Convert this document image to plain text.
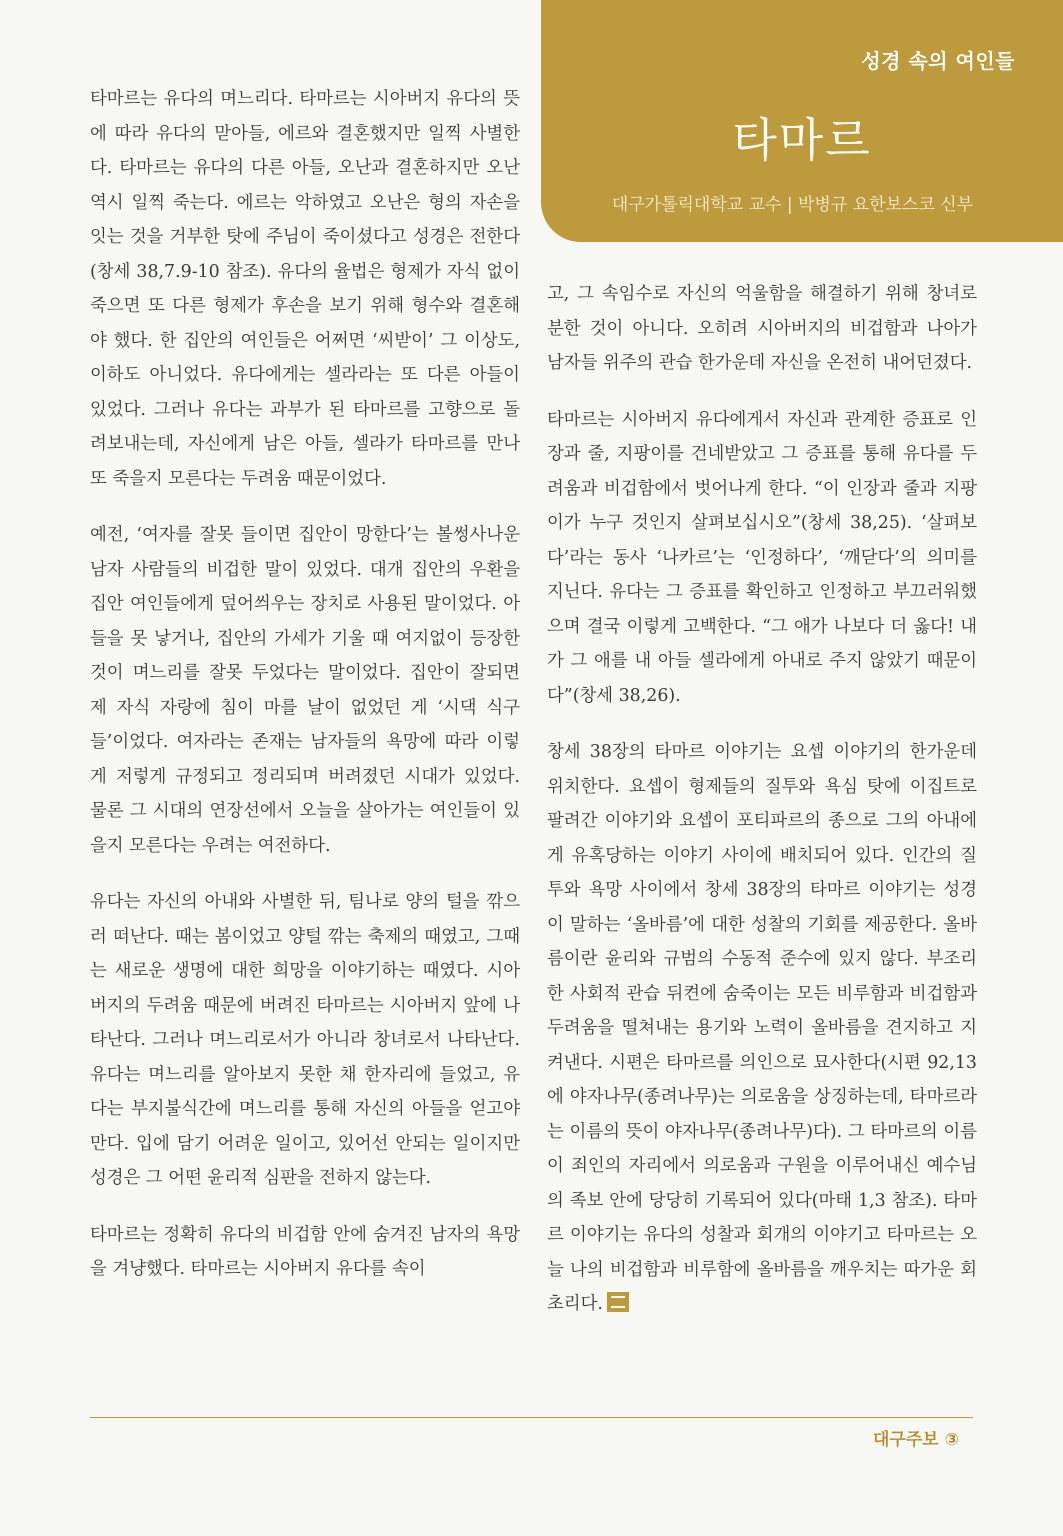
성경 속의 여인들

타마르

대구가톨릭대학교 교수 | 박병규 요한보스코 신부

타마르는 유다의 며느리다. 타마르는 시아버지 유다의 뜻에 따라 유다의 맏아들, 에르와 결혼했지만 일찍 사별한다. 타마르는 유다의 다른 아들, 오난과 결혼하지만 오난 역시 일찍 죽는다. 에르는 악하였고 오난은 형의 자손을 잇는 것을 거부한 탓에 주님이 죽이셨다고 성경은 전한다(창세 38,7.9-10 참조). 유다의 율법은 형제가 자식 없이 죽으면 또 다른 형제가 후손을 보기 위해 형수와 결혼해야 했다. 한 집안의 여인들은 어쩌면 ‘씨받이’ 그 이상도, 이하도 아니었다. 유다에게는 셀라라는 또 다른 아들이 있었다. 그러나 유다는 과부가 된 타마르를 고향으로 돌려보내는데, 자신에게 남은 아들, 셀라가 타마르를 만나 또 죽을지 모른다는 두려움 때문이었다.

예전, ‘여자를 잘못 들이면 집안이 망한다’는 볼썽사나운 남자 사람들의 비겁한 말이 있었다. 대개 집안의 우환을 집안 여인들에게 덮어씌우는 장치로 사용된 말이었다. 아들을 못 낳거나, 집안의 가세가 기울 때 여지없이 등장한 것이 며느리를 잘못 두었다는 말이었다. 집안이 잘되면 제 자식 자랑에 침이 마를 날이 없었던 게 ‘시댁 식구들’이었다. 여자라는 존재는 남자들의 욕망에 따라 이렇게 저렇게 규정되고 정리되며 버려졌던 시대가 있었다. 물론 그 시대의 연장선에서 오늘을 살아가는 여인들이 있을지 모른다는 우려는 여전하다.

유다는 자신의 아내와 사별한 뒤, 팀나로 양의 털을 깎으러 떠난다. 때는 봄이었고 양털 깎는 축제의 때였고, 그때는 새로운 생명에 대한 희망을 이야기하는 때였다. 시아버지의 두려움 때문에 버려진 타마르는 시아버지 앞에 나타난다. 그러나 며느리로서가 아니라 창녀로서 나타난다. 유다는 며느리를 알아보지 못한 채 한자리에 들었고, 유다는 부지불식간에 며느리를 통해 자신의 아들을 얻고야 만다. 입에 담기 어려운 일이고, 있어선 안되는 일이지만 성경은 그 어떤 윤리적 심판을 전하지 않는다.

타마르는 정확히 유다의 비겁함 안에 숨겨진 남자의 욕망을 겨냥했다. 타마르는 시아버지 유다를 속이

고, 그 속임수로 자신의 억울함을 해결하기 위해 창녀로 분한 것이 아니다. 오히려 시아버지의 비겁함과 나아가 남자들 위주의 관습 한가운데 자신을 온전히 내어던졌다.

타마르는 시아버지 유다에게서 자신과 관계한 증표로 인장과 줄, 지팡이를 건네받았고 그 증표를 통해 유다를 두려움과 비겁함에서 벗어나게 한다. “이 인장과 줄과 지팡이가 누구 것인지 살펴보십시오”(창세 38,25). ‘살펴보다’라는 동사 ‘나카르’는 ‘인정하다’, ‘깨닫다’의 의미를 지닌다. 유다는 그 증표를 확인하고 인정하고 부끄러워했으며 결국 이렇게 고백한다. “그 애가 나보다 더 옳다! 내가 그 애를 내 아들 셀라에게 아내로 주지 않았기 때문이다”(창세 38,26).

창세 38장의 타마르 이야기는 요셉 이야기의 한가운데 위치한다. 요셉이 형제들의 질투와 욕심 탓에 이집트로 팔려간 이야기와 요셉이 포티파르의 종으로 그의 아내에게 유혹당하는 이야기 사이에 배치되어 있다. 인간의 질투와 욕망 사이에서 창세 38장의 타마르 이야기는 성경이 말하는 ‘올바름’에 대한 성찰의 기회를 제공한다. 올바름이란 윤리와 규범의 수동적 준수에 있지 않다. 부조리한 사회적 관습 뒤켠에 숨죽이는 모든 비루함과 비겁함과 두려움을 떨쳐내는 용기와 노력이 올바름을 견지하고 지켜낸다. 시편은 타마르를 의인으로 묘사한다(시편 92,13에 야자나무(종려나무)는 의로움을 상징하는데, 타마르라는 이름의 뜻이 야자나무(종려나무)다). 그 타마르의 이름이 죄인의 자리에서 의로움과 구원을 이루어내신 예수님의 족보 안에 당당히 기록되어 있다(마태 1,3 참조). 타마르 이야기는 유다의 성찰과 회개의 이야기고 타마르는 오늘 나의 비겁함과 비루함에 올바름을 깨우치는 따가운 회초리다.

대구주보 ③
